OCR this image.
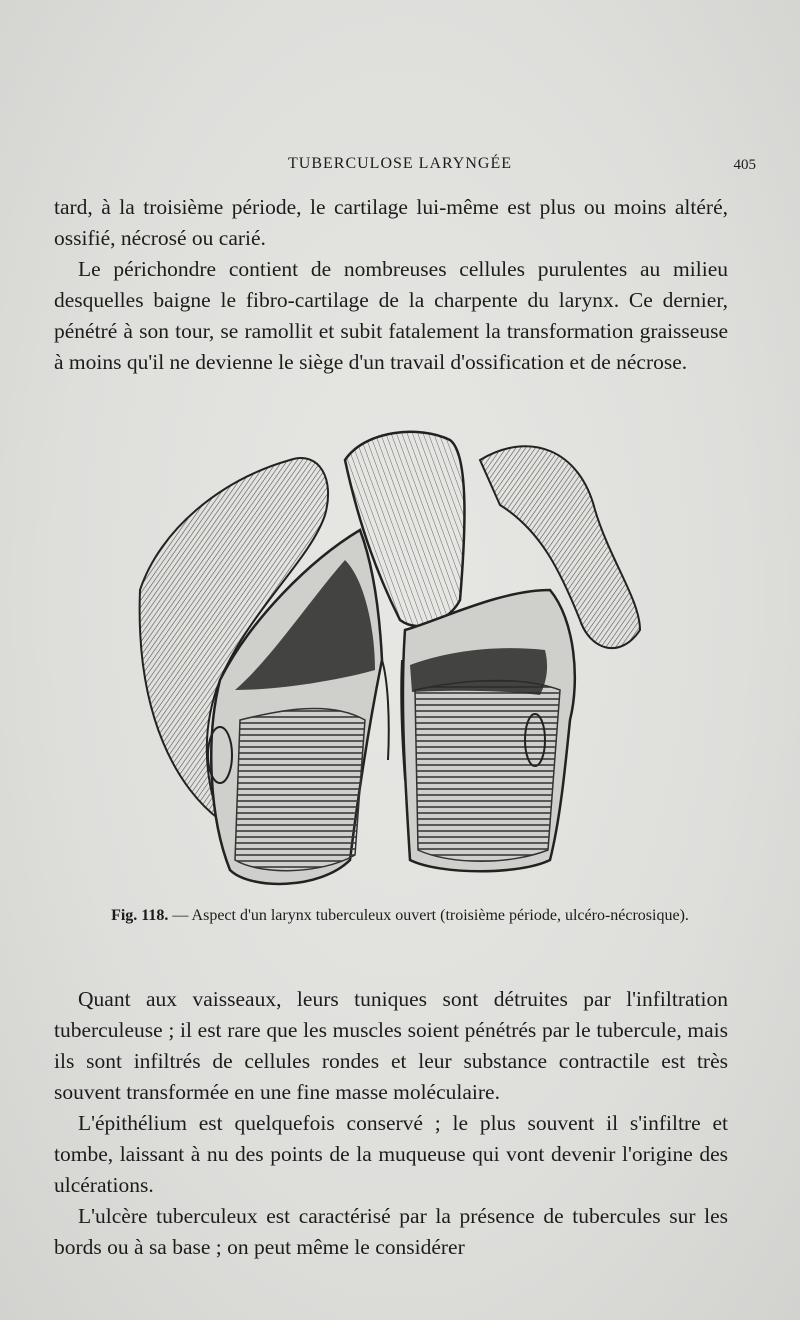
TUBERCULOSE LARYNGÉE	405

tard, à la troisième période, le cartilage lui-même est plus ou moins altéré, ossifié, nécrosé ou carié.

Le périchondre contient de nombreuses cellules purulentes au milieu desquelles baigne le fibro-cartilage de la charpente du larynx. Ce dernier, pénétré à son tour, se ramollit et subit fatalement la transformation graisseuse à moins qu'il ne devienne le siège d'un travail d'ossification et de nécrose.

Fig. 118. — Aspect d'un larynx tuberculeux ouvert (troisième période, ulcéro-nécrosique).

Quant aux vaisseaux, leurs tuniques sont détruites par l'infiltration tuberculeuse ; il est rare que les muscles soient pénétrés par le tubercule, mais ils sont infiltrés de cellules rondes et leur substance contractile est très souvent transformée en une fine masse moléculaire.

L'épithélium est quelquefois conservé ; le plus souvent il s'infiltre et tombe, laissant à nu des points de la muqueuse qui vont devenir l'origine des ulcérations.

L'ulcère tuberculeux est caractérisé par la présence de tubercules sur les bords ou à sa base ; on peut même le considérer
